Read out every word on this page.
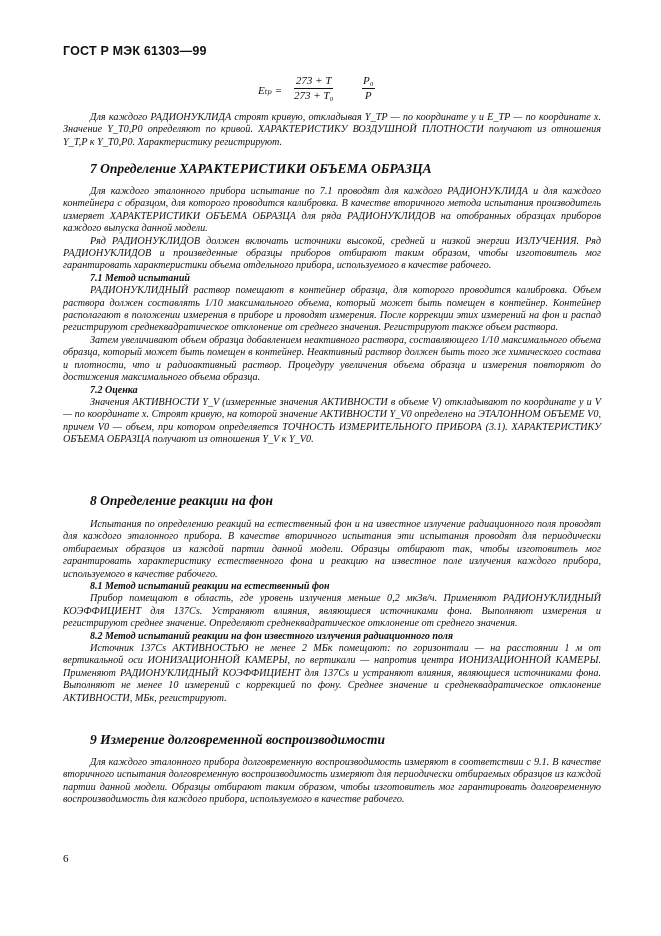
ГОСТ Р МЭК 61303—99
$E_{tp} = \frac{273 + T}{\text{273 + T₀}}$	$\frac{\text{P₀}}{P}$

Для каждого РАДИОНУКЛИДА строят кривую, откладывая Y_TP — по координате y и E_TP — по координате x. Значение Y_T0,P0 определяют по кривой. ХАРАКТЕРИСТИКУ ВОЗДУШНОЙ ПЛОТНОСТИ получают из отношения Y_T,P к Y_T0,P0. Характеристику регистрируют.

7 Определение ХАРАКТЕРИСТИКИ ОБЪЕМА ОБРАЗЦА

Для каждого эталонного прибора испытание по 7.1 проводят для каждого РАДИОНУКЛИДА и для каждого контейнера с образцом, для которого проводится калибровка. В качестве вторичного метода испытания производитель измеряет ХАРАКТЕРИСТИКИ ОБЪЕМА ОБРАЗЦА для ряда РАДИОНУКЛИДОВ на отобранных образцах приборов каждого выпуска данной модели.

Ряд РАДИОНУКЛИДОВ должен включать источники высокой, средней и низкой энергии ИЗЛУЧЕНИЯ. Ряд РАДИОНУКЛИДОВ и произведенные образцы приборов отбирают таким образом, чтобы изготовитель мог гарантировать характеристики объема отдельного прибора, используемого в качестве рабочего.

7.1 Метод испытаний

РАДИОНУКЛИДНЫЙ раствор помещают в контейнер образца, для которого проводится калибровка. Объем раствора должен составлять 1/10 максимального объема, который может быть помещен в контейнер. Контейнер располагают в положении измерения в приборе и проводят измерения. После коррекции этих измерений на фон и распад регистрируют среднеквадратическое отклонение от среднего значения. Регистрируют также объем раствора.

Затем увеличивают объем образца добавлением неактивного раствора, составляющего 1/10 максимального объема образца, который может быть помещен в контейнер. Неактивный раствор должен быть того же химического состава и плотности, что и радиоактивный раствор. Процедуру увеличения объема образца и измерения повторяют до достижения максимального объема образца.

7.2 Оценка

Значения АКТИВНОСТИ Y_V (измеренные значения АКТИВНОСТИ в объеме V) откладывают по координате y и V — по координате x. Строят кривую, на которой значение АКТИВНОСТИ Y_V0 определено на ЭТАЛОННОМ ОБЪЕМЕ V0, причем V0 — объем, при котором определяется ТОЧНОСТЬ ИЗМЕРИТЕЛЬНОГО ПРИБОРА (3.1). ХАРАКТЕРИСТИКУ ОБЪЕМА ОБРАЗЦА получают из отношения Y_V к Y_V0.

8 Определение реакции на фон

Испытания по определению реакций на естественный фон и на известное излучение радиационного поля проводят для каждого эталонного прибора. В качестве вторичного испытания эти испытания проводят для периодически отбираемых образцов из каждой партии данной модели. Образцы отбирают так, чтобы изготовитель мог гарантировать характеристику естественного фона и реакцию на известное поле излучения каждого прибора, используемого в качестве рабочего.

8.1 Метод испытаний реакции на естественный фон

Прибор помещают в область, где уровень излучения меньше 0,2 мкЗв/ч. Применяют РАДИОНУКЛИДНЫЙ КОЭФФИЦИЕНТ для 137Cs. Устраняют влияния, являющиеся источниками фона. Выполняют измерения и регистрируют среднее значение. Определяют среднеквадратическое отклонение от среднего значения.

8.2 Метод испытаний реакции на фон известного излучения радиационного поля

Источник 137Cs АКТИВНОСТЬЮ не менее 2 МБк помещают: по горизонтали — на расстоянии 1 м от вертикальной оси ИОНИЗАЦИОННОЙ КАМЕРЫ, по вертикали — напротив центра ИОНИЗАЦИОННОЙ КАМЕРЫ. Применяют РАДИОНУКЛИДНЫЙ КОЭФФИЦИЕНТ для 137Cs и устраняют влияния, являющиеся источниками фона. Выполняют не менее 10 измерений с коррекцией по фону. Среднее значение и среднеквадратическое отклонение АКТИВНОСТИ, МБк, регистрируют.

9 Измерение долговременной воспроизводимости

Для каждого эталонного прибора долговременную воспроизводимость измеряют в соответствии с 9.1. В качестве вторичного испытания долговременную воспроизводимость измеряют для периодически отбираемых образцов из каждой партии данной модели. Образцы отбирают таким образом, чтобы изготовитель мог гарантировать долговременную воспроизводимость для каждого прибора, используемого в качестве рабочего.

6
